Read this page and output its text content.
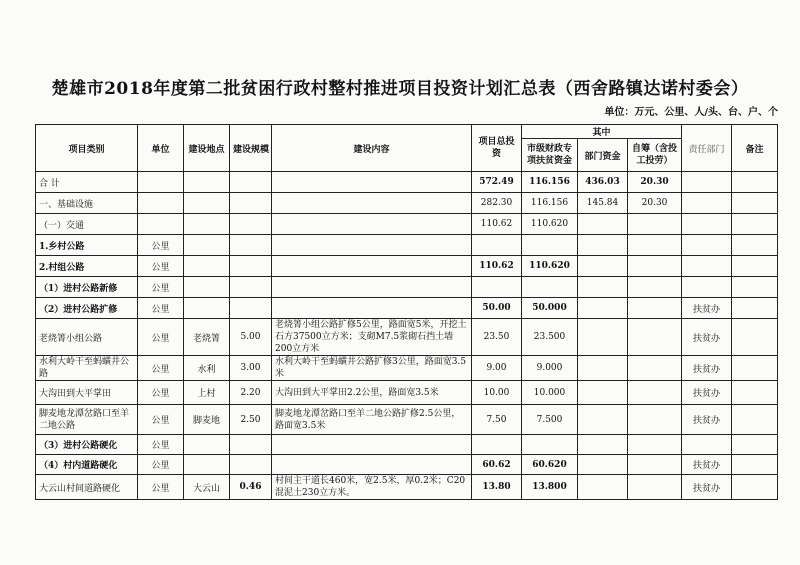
楚雄市2018年度第二批贫困行政村整村推进项目投资计划汇总表（西舍路镇达诺村委会）
单位：万元、公里、人/头、台、户、个
项目类别	单位	建设地点	建设规模	建设内容	项目总投资	其中			责任部门	备注
						市级财政专项扶贫资金	部门资金	自筹（含投工投劳）		
合 计					572.49	116.156	436.03	20.30		
一、基础设施					282.30	116.156	145.84	20.30		
（一）交通					110.62	110.620				
1.乡村公路	公里									
2.村组公路	公里				110.62	110.620				
（1）进村公路新修	公里									
（2）进村公路扩修	公里				50.00	50.000			扶贫办	
老烧箐小组公路	公里	老烧箐	5.00	老烧箐小组公路扩修5公里，路面宽5米，开挖土石方37500立方米；支砌M7.5浆砌石挡土墙200立方米	23.50	23.500			扶贫办	
水利大岭干至蚂蟥井公路	公里	水利	3.00	水利大岭干至蚂蟥井公路扩修3公里，路面宽3.5米	9.00	9.000			扶贫办	
大沟田到大平掌田	公里	上村	2.20	大沟田到大平掌田2.2公里，路面宽3.5米	10.00	10.000			扶贫办	
脚麦地龙潭岔路口至羊二地公路	公里	脚麦地	2.50	脚麦地龙潭岔路口至羊二地公路扩修2.5公里，路面宽3.5米	7.50	7.500			扶贫办	
（3）进村公路硬化	公里									
（4）村内道路硬化	公里				60.62	60.620			扶贫办	
大云山村间道路硬化	公里	大云山	0.46	村间主干道长460米，宽2.5米，厚0.2米；C20混泥土230立方米。	13.80	13.800			扶贫办	
